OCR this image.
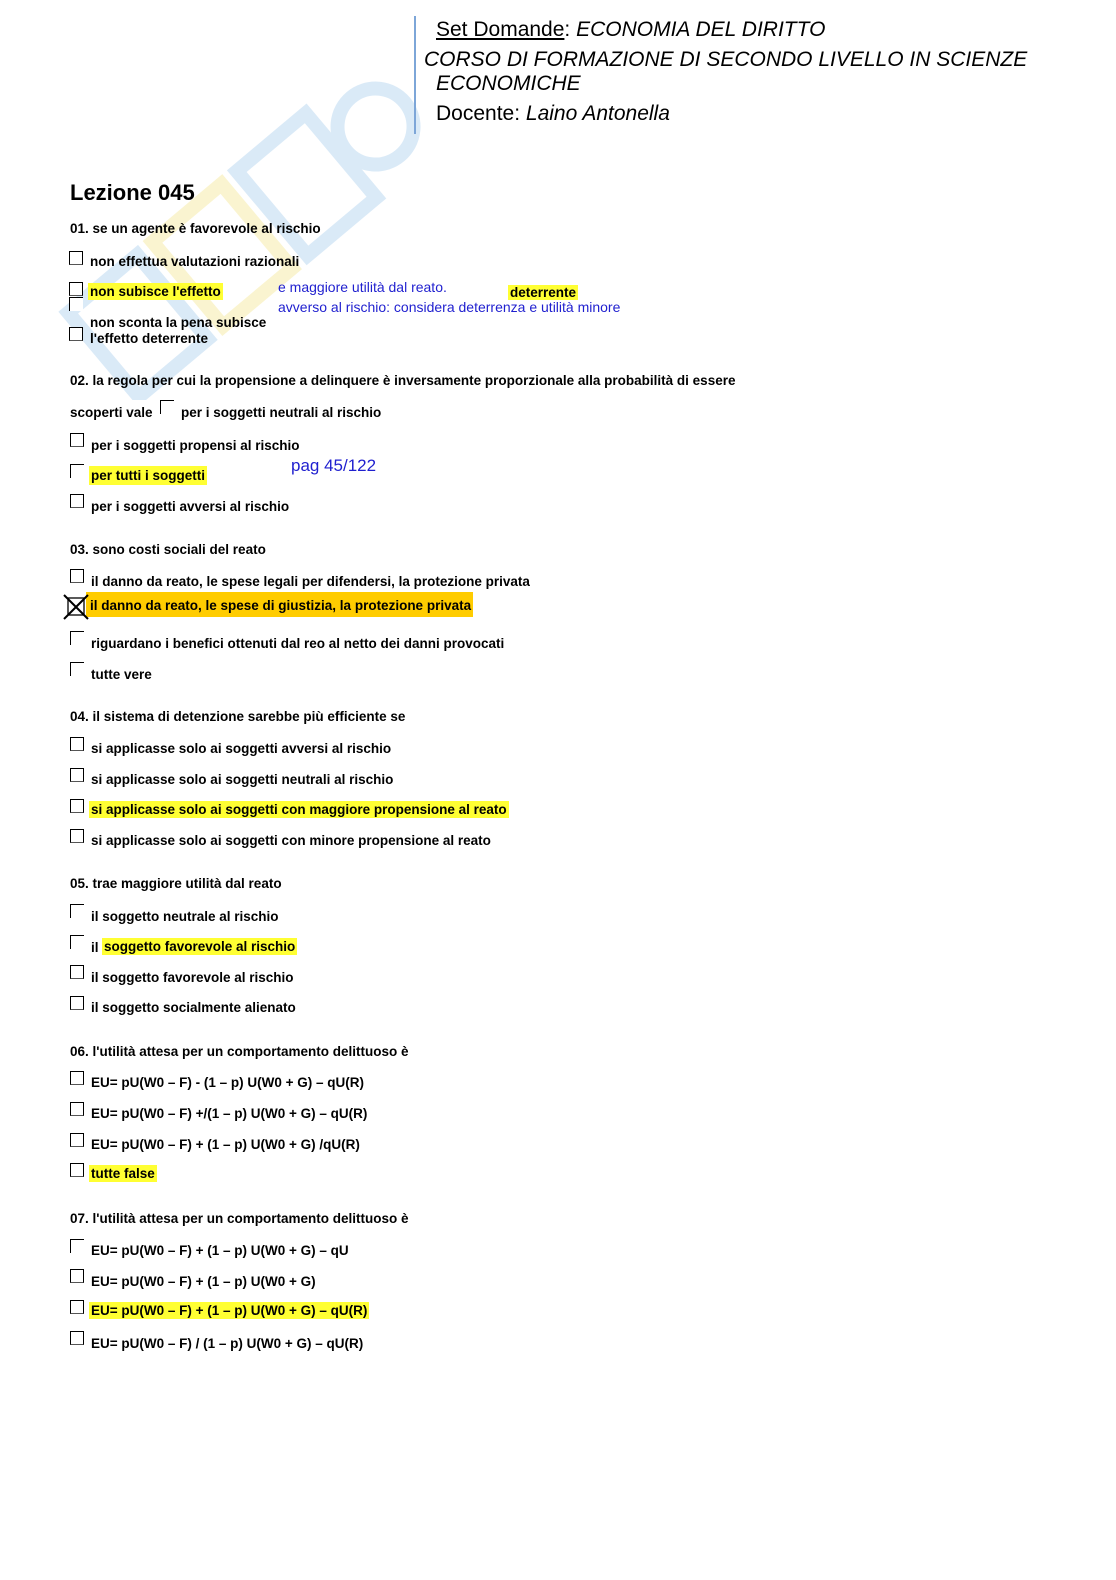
Set Domande: ECONOMIA DEL DIRITTO
CORSO DI FORMAZIONE DI SECONDO LIVELLO IN SCIENZE
ECONOMICHE
Docente: Laino Antonella
Lezione 045
01. se un agente è favorevole al rischio
non effettua valutazioni razionali
non subisce l'effetto
non sconta la pena subisce
l'effetto deterrente
e maggiore utilità dal reato.	deterrente
avverso al rischio: considera deterrenza e utilità minore
02. la regola per cui la propensione a delinquere è inversamente proporzionale alla probabilità di essere
scoperti vale per i soggetti neutrali al rischio
per i soggetti propensi al rischio
per tutti i soggetti
pag 45/122
per i soggetti avversi al rischio
03. sono costi sociali del reato
il danno da reato, le spese legali per difendersi, la protezione privata
il danno da reato, le spese di giustizia, la protezione privata
riguardano i benefici ottenuti dal reo al netto dei danni provocati
tutte vere
04. il sistema di detenzione sarebbe più efficiente se
si applicasse solo ai soggetti avversi al rischio
si applicasse solo ai soggetti neutrali al rischio
si applicasse solo ai soggetti con maggiore propensione al reato
si applicasse solo ai soggetti con minore propensione al reato
05. trae maggiore utilità dal reato
il soggetto neutrale al rischio
il soggetto favorevole al rischio
il soggetto favorevole al rischio
il soggetto socialmente alienato
06. l'utilità attesa per un comportamento delittuoso è
EU= pU(W0 – F) - (1 – p) U(W0 + G) – qU(R)
EU= pU(W0 – F) +/(1 – p) U(W0 + G) – qU(R)
EU= pU(W0 – F) + (1 – p) U(W0 + G) /qU(R)
tutte false
07. l'utilità attesa per un comportamento delittuoso è
EU= pU(W0 – F) + (1 – p) U(W0 + G) – qU
EU= pU(W0 – F) + (1 – p) U(W0 + G)
EU= pU(W0 – F) + (1 – p) U(W0 + G) – qU(R)
EU= pU(W0 – F) / (1 – p) U(W0 + G) – qU(R)
